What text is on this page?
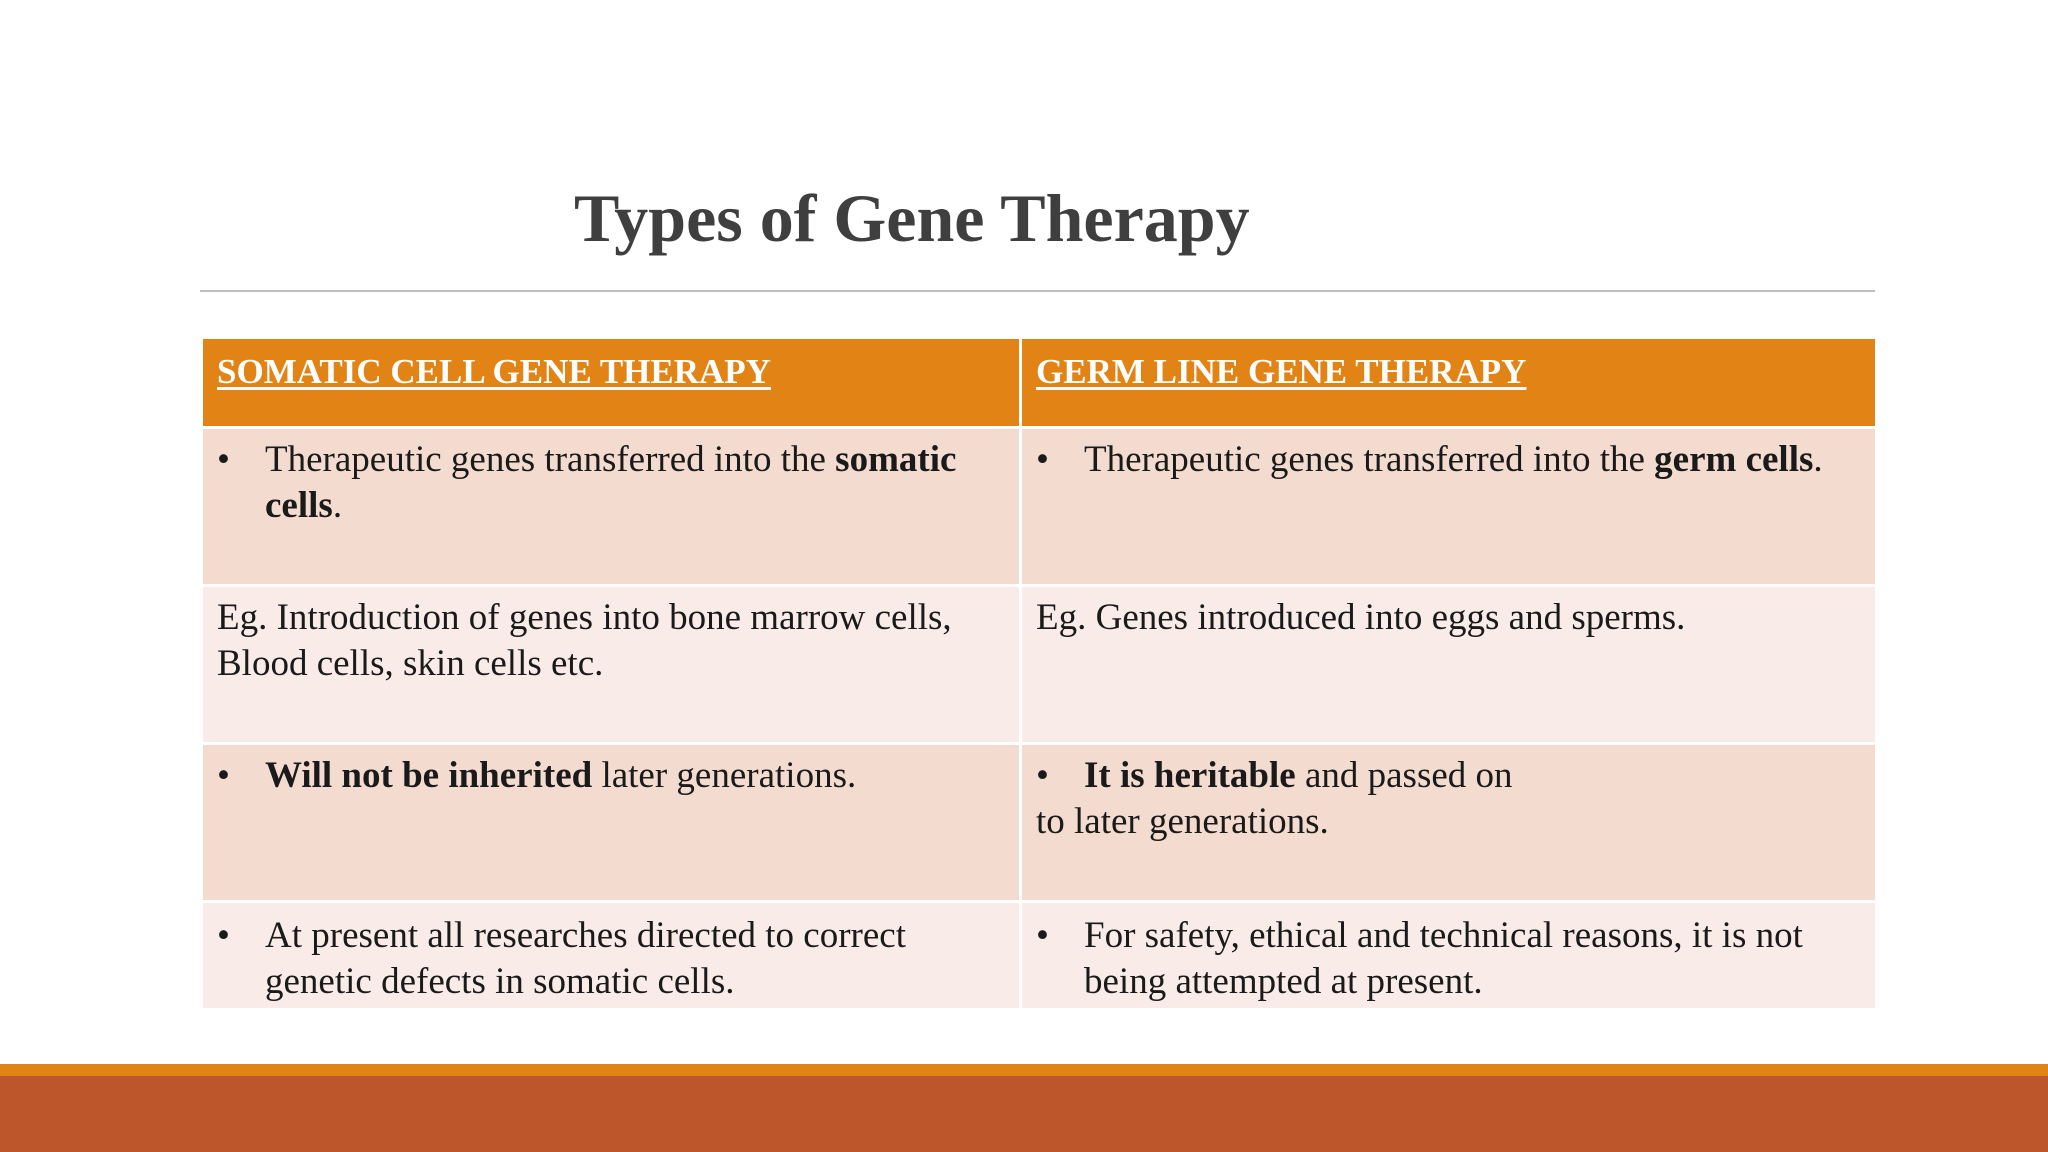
Types of Gene Therapy
SOMATIC CELL GENE THERAPY	GERM LINE GENE THERAPY

• Therapeutic genes transferred into the somatic cells.	• Therapeutic genes transferred into the germ cells.

Eg. Introduction of genes into bone marrow cells,
Blood cells, skin cells etc.	Eg. Genes introduced into eggs and sperms.

• Will not be inherited later generations.	• It is heritable and passed on
to later generations.

• At present all researches directed to correct genetic defects in somatic cells.	• For safety, ethical and technical reasons, it is not being attempted at present.
